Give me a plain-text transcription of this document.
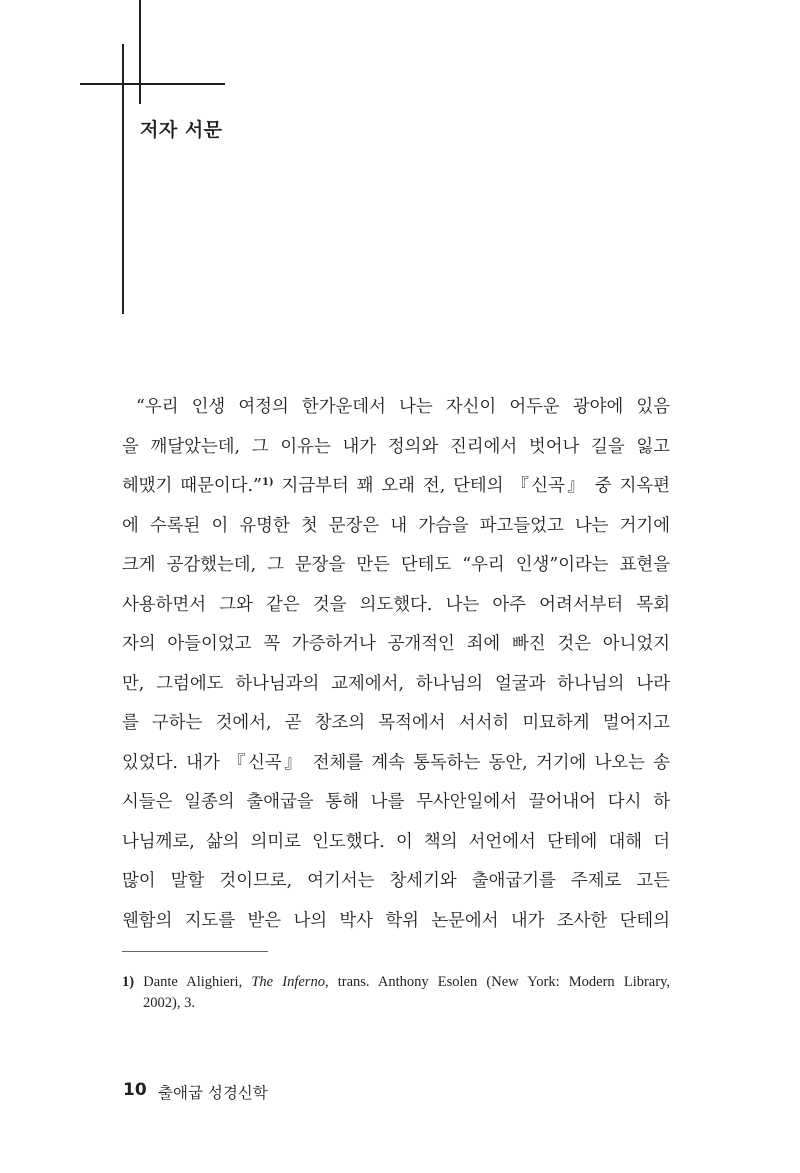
저자 서문
“우리 인생 여정의 한가운데서 나는 자신이 어두운 광야에 있음
을 깨달았는데, 그 이유는 내가 정의와 진리에서 벗어나 길을 잃고
헤맸기 때문이다.”$^{1)}$ 지금부터 꽤 오래 전, 단테의 『신곡』 중 지옥편
에 수록된 이 유명한 첫 문장은 내 가슴을 파고들었고 나는 거기에
크게 공감했는데, 그 문장을 만든 단테도 “우리 인생”이라는 표현을
사용하면서 그와 같은 것을 의도했다. 나는 아주 어려서부터 목회
자의 아들이었고 꼭 가증하거나 공개적인 죄에 빠진 것은 아니었지
만, 그럼에도 하나님과의 교제에서, 하나님의 얼굴과 하나님의 나라
를 구하는 것에서, 곧 창조의 목적에서 서서히 미묘하게 멀어지고
있었다. 내가 『신곡』 전체를 계속 통독하는 동안, 거기에 나오는 송
시들은 일종의 출애굽을 통해 나를 무사안일에서 끌어내어 다시 하
나님께로, 삶의 의미로 인도했다. 이 책의 서언에서 단테에 대해 더
많이 말할 것이므로, 여기서는 창세기와 출애굽기를 주제로 고든
웬함의 지도를 받은 나의 박사 학위 논문에서 내가 조사한 단테의
1) Dante Alighieri, The Inferno, trans. Anthony Esolen (New York: Modern Library,
2002), 3.
10 출애굽 성경신학
